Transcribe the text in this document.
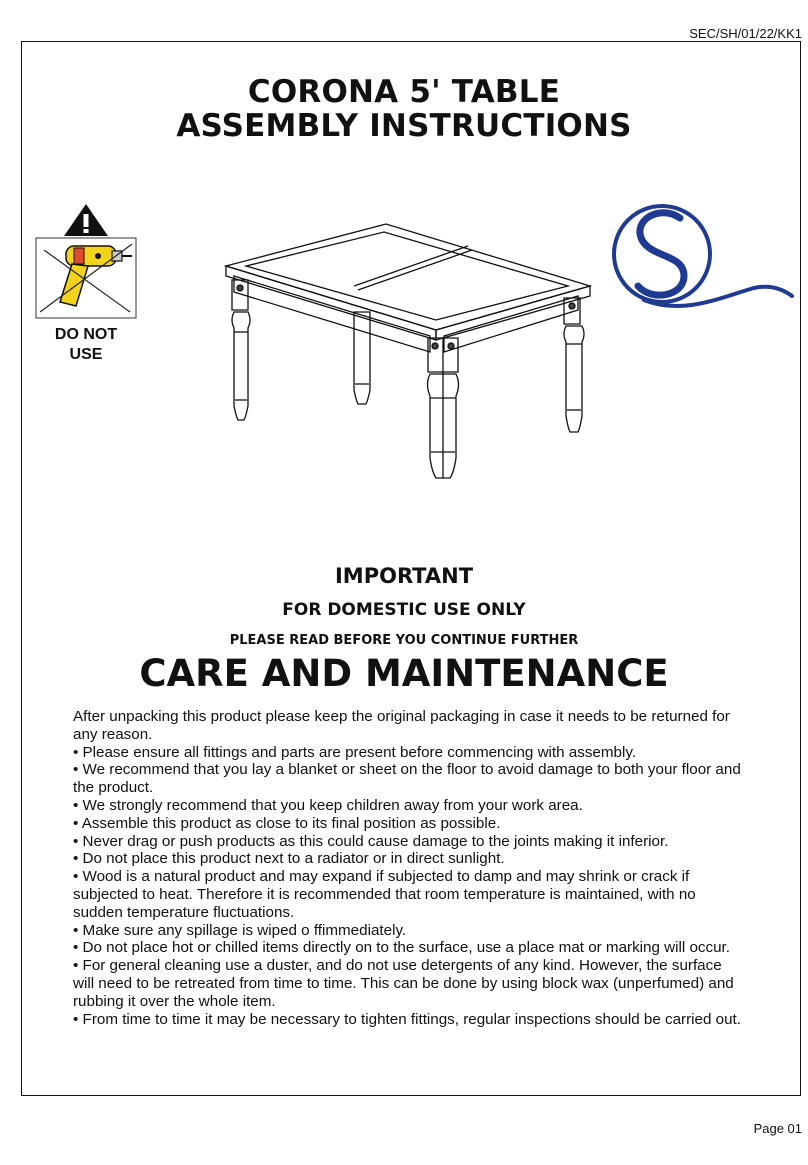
SEC/SH/01/22/KK1
CORONA 5' TABLE
ASSEMBLY INSTRUCTIONS
DO NOT
USE
IMPORTANT
FOR DOMESTIC USE ONLY
PLEASE READ BEFORE YOU CONTINUE FURTHER
CARE AND MAINTENANCE

After unpacking this product please keep the original packaging in case it needs to be returned for any reason.

• Please ensure all fittings and parts are present before commencing with assembly.

• We recommend that you lay a blanket or sheet on the floor to avoid damage to both your floor and the product.

• We strongly recommend that you keep children away from your work area.

• Assemble this product as close to its final position as possible.

• Never drag or push products as this could cause damage to the joints making it inferior.

• Do not place this product next to a radiator or in direct sunlight.

• Wood is a natural product and may expand if subjected to damp and may shrink or crack if subjected to heat. Therefore it is recommended that room temperature is maintained, with no sudden temperature fluctuations.

• Make sure any spillage is wiped o ffimmediately.

• Do not place hot or chilled items directly on to the surface, use a place mat or marking will occur.

• For general cleaning use a duster, and do not use detergents of any kind. However, the surface will need to be retreated from time to time. This can be done by using block wax (unperfumed) and rubbing it over the whole item.

• From time to time it may be necessary to tighten fittings, regular inspections should be carried out.

Page 01
